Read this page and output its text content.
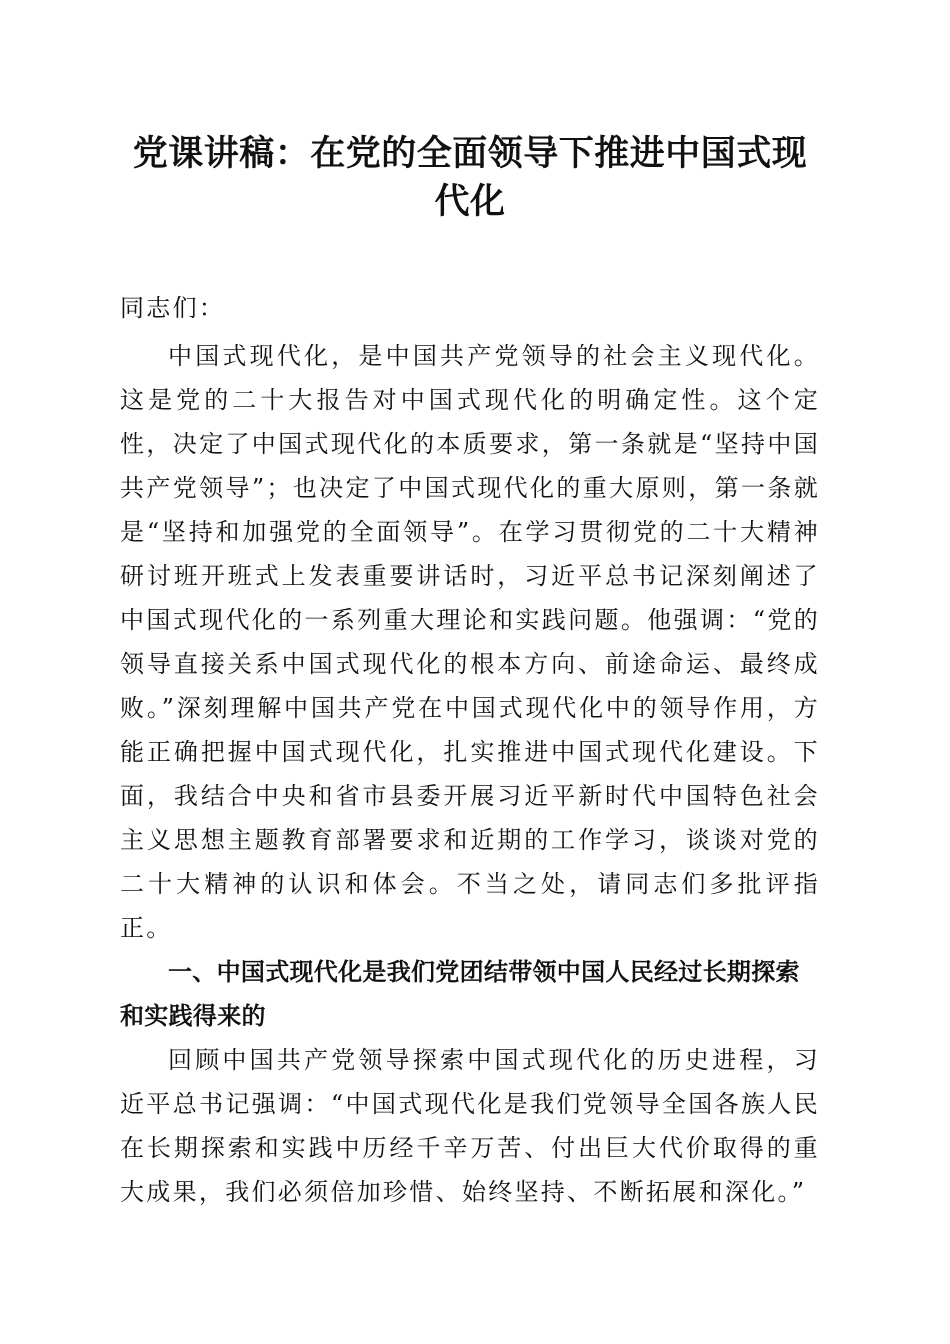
党课讲稿：在党的全面领导下推进中国式现代化

同志们：

中国式现代化，是中国共产党领导的社会主义现代化。这是党的二十大报告对中国式现代化的明确定性。这个定性，决定了中国式现代化的本质要求，第一条就是“坚持中国共产党领导”；也决定了中国式现代化的重大原则，第一条就是“坚持和加强党的全面领导”。在学习贯彻党的二十大精神研讨班开班式上发表重要讲话时，习近平总书记深刻阐述了中国式现代化的一系列重大理论和实践问题。他强调：“党的领导直接关系中国式现代化的根本方向、前途命运、最终成败。”深刻理解中国共产党在中国式现代化中的领导作用，方能正确把握中国式现代化，扎实推进中国式现代化建设。下面，我结合中央和省市县委开展习近平新时代中国特色社会主义思想主题教育部署要求和近期的工作学习，谈谈对党的二十大精神的认识和体会。不当之处，请同志们多批评指正。

一、中国式现代化是我们党团结带领中国人民经过长期探索和实践得来的

回顾中国共产党领导探索中国式现代化的历史进程，习近平总书记强调：“中国式现代化是我们党领导全国各族人民在长期探索和实践中历经千辛万苦、付出巨大代价取得的重大成果，我们必须倍加珍惜、始终坚持、不断拓展和深化。”
